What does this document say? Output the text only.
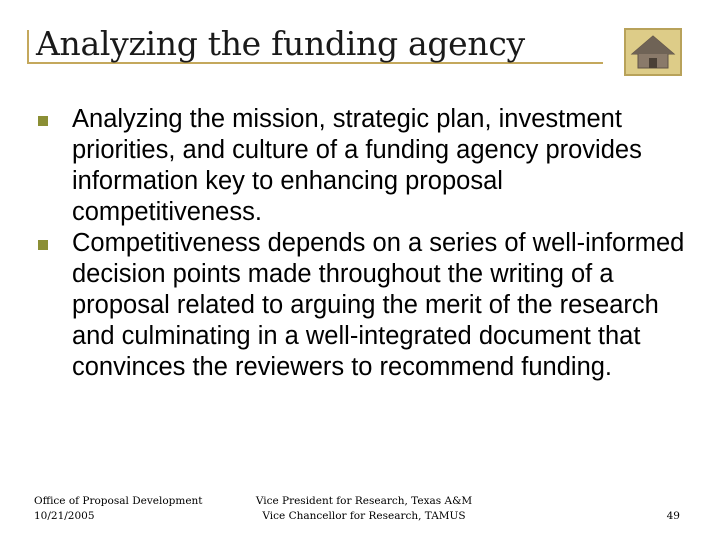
Analyzing the funding agency
Analyzing the mission, strategic plan, investment priorities, and culture of a funding agency provides information key to enhancing proposal competitiveness.
Competitiveness depends on a series of well-informed decision points made throughout the writing of a proposal related to arguing the merit of the research and culminating in a well-integrated document that convinces the reviewers to recommend funding.
Office of Proposal Development
10/21/2005
Vice President for Research, Texas A&M
Vice Chancellor for Research, TAMUS	49
